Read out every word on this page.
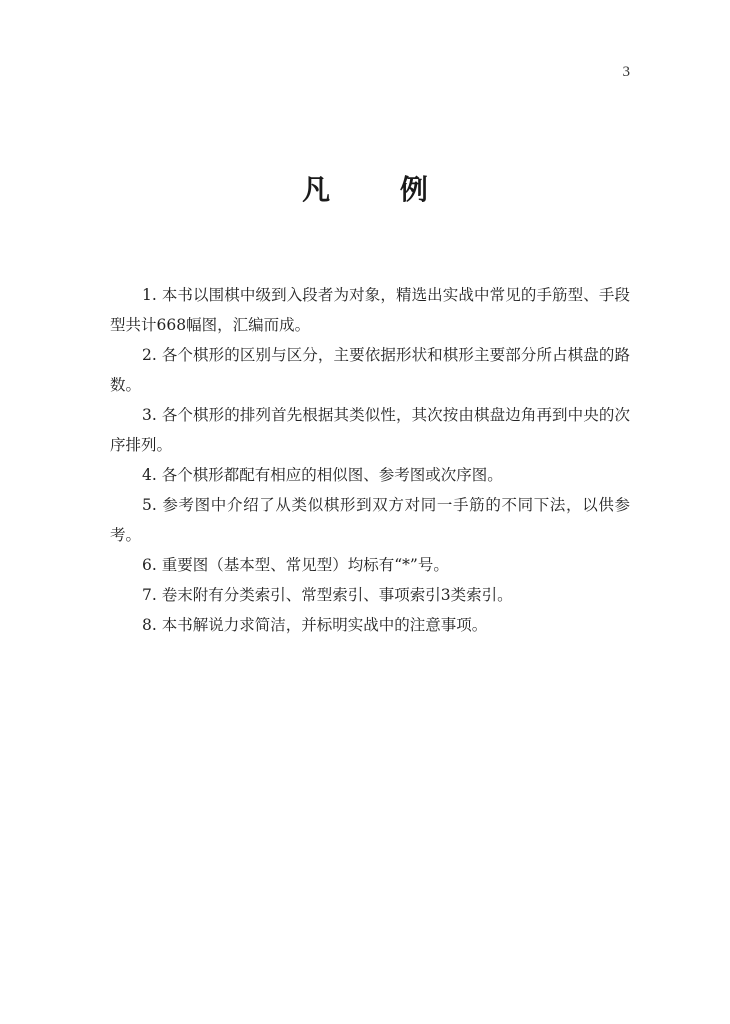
3
凡 例

1. 本书以围棋中级到入段者为对象，精选出实战中常见的手筋型、手段型共计668幅图，汇编而成。

2. 各个棋形的区别与区分，主要依据形状和棋形主要部分所占棋盘的路数。

3. 各个棋形的排列首先根据其类似性，其次按由棋盘边角再到中央的次序排列。

4. 各个棋形都配有相应的相似图、参考图或次序图。

5. 参考图中介绍了从类似棋形到双方对同一手筋的不同下法，以供参考。

6. 重要图（基本型、常见型）均标有“*”号。

7. 卷末附有分类索引、常型索引、事项索引3类索引。

8. 本书解说力求简洁，并标明实战中的注意事项。
